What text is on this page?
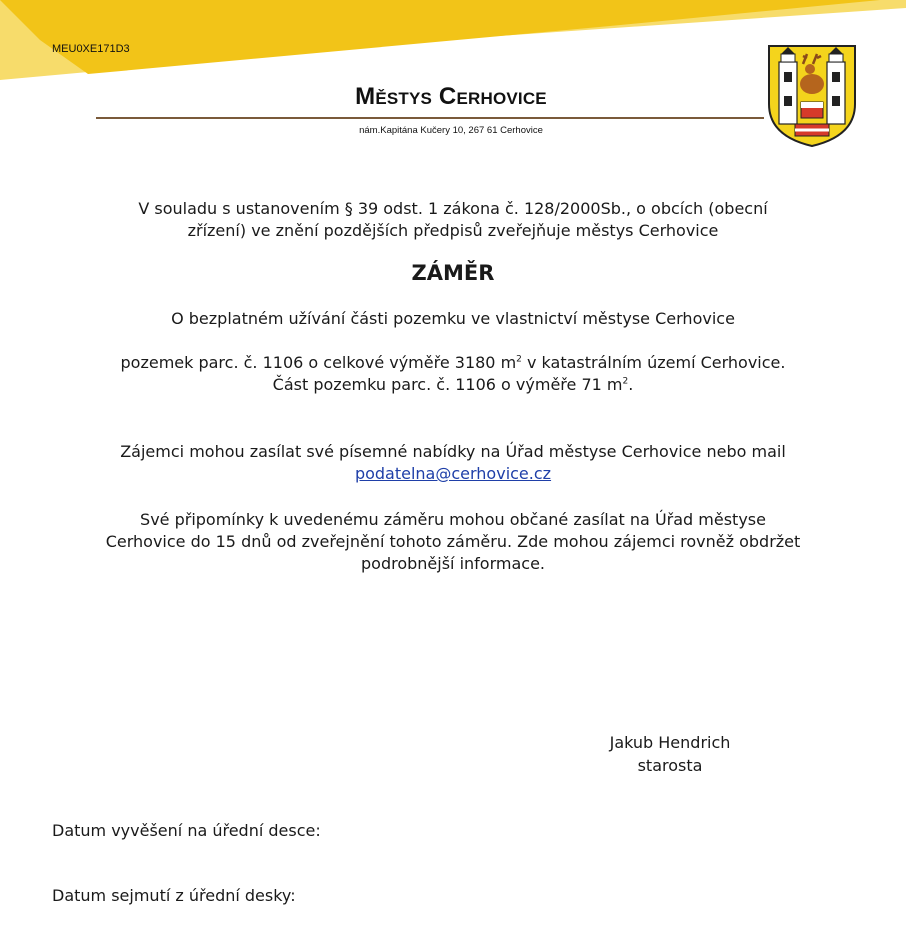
MEU0XE171D3
Městys Cerhovice
nám.Kapitána Kučery 10, 267 61 Cerhovice
V souladu s ustanovením § 39 odst. 1 zákona č. 128/2000Sb., o obcích (obecní
zřízení) ve znění pozdějších předpisů zveřejňuje městys Cerhovice
ZÁMĚR
O bezplatném užívání části pozemku ve vlastnictví městyse Cerhovice
pozemek parc. č. 1106 o celkové výměře 3180 $m^2$ v katastrálním území Cerhovice.
Část pozemku parc. č. 1106 o výměře 71 $m^2$.
Zájemci mohou zasílat své písemné nabídky na Úřad městyse Cerhovice nebo mail
podatelna@cerhovice.cz
Své připomínky k uvedenému záměru mohou občané zasílat na Úřad městyse
Cerhovice do 15 dnů od zveřejnění tohoto záměru. Zde mohou zájemci rovněž obdržet
podrobnější informace.
Jakub Hendrich
starosta
Datum vyvěšení na úřední desce:
Datum sejmutí z úřední desky:
